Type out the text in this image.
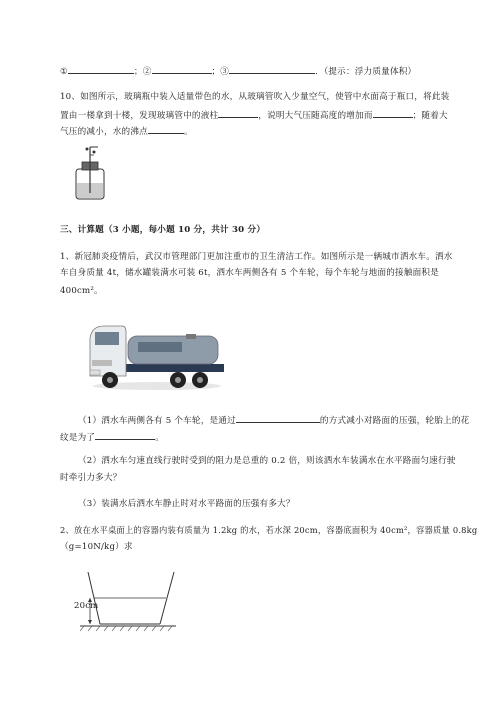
①	；②	；③	．（提示：浮力质量体积）
10、如图所示，玻璃瓶中装入适量带色的水，从玻璃管吹入少量空气，使管中水面高于瓶口，将此装
置由一楼拿到十楼，发现玻璃管中的液柱	，说明大气压随高度的增加而	；随着大
气压的减小，水的沸点	。
三、计算题（3 小题，每小题 10 分，共计 30 分）
1、新冠肺炎疫情后，武汉市管理部门更加注重市的卫生清洁工作。如图所示是一辆城市洒水车。洒水
车自身质量 4t，储水罐装满水可装 6t，洒水车两侧各有 5 个车轮，每个车轮与地面的接触面积是
400cm²。
（1）洒水车两侧各有 5 个车轮，是通过	的方式减小对路面的压强，轮胎上的花
纹是为了	。
（2）洒水车匀速直线行驶时受到的阻力是总重的 0.2 倍，则该洒水车装满水在水平路面匀速行驶
时牵引力多大？
（3）装满水后洒水车静止时对水平路面的压强有多大？
2、放在水平桌面上的容器内装有质量为 1.2kg 的水，若水深 20cm，容器底面积为 40cm²，容器质量 0.8kg
（g=10N/kg）求
20cm
